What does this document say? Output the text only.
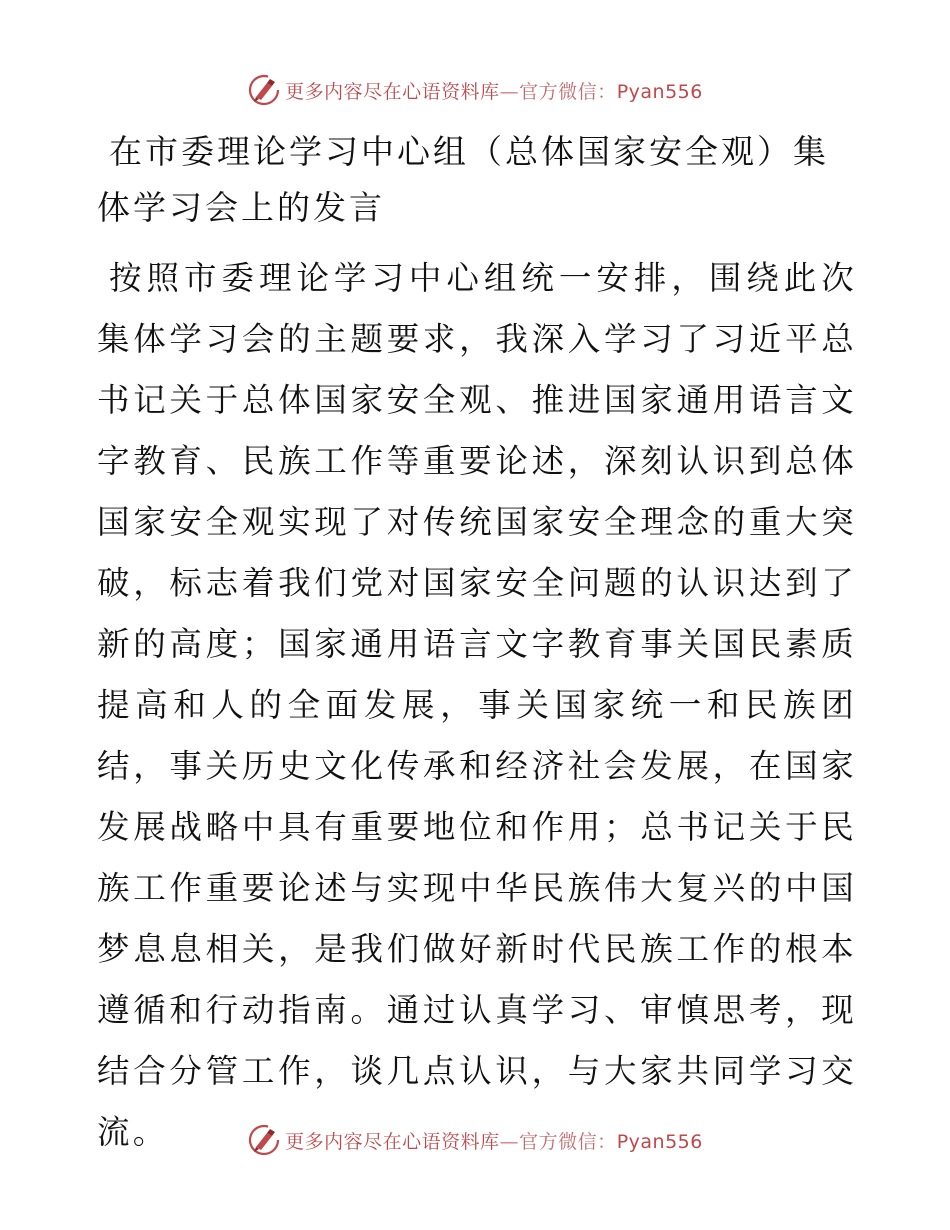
更多内容尽在心语资料库—官方微信：Pyan556
在市委理论学习中心组（总体国家安全观）集体学习会上的发言

按照市委理论学习中心组统一安排，围绕此次集体学习会的主题要求，我深入学习了习近平总书记关于总体国家安全观、推进国家通用语言文字教育、民族工作等重要论述，深刻认识到总体国家安全观实现了对传统国家安全理念的重大突破，标志着我们党对国家安全问题的认识达到了新的高度；国家通用语言文字教育事关国民素质提高和人的全面发展，事关国家统一和民族团结，事关历史文化传承和经济社会发展，在国家发展战略中具有重要地位和作用；总书记关于民族工作重要论述与实现中华民族伟大复兴的中国梦息息相关，是我们做好新时代民族工作的根本遵循和行动指南。通过认真学习、审慎思考，现结合分管工作，谈几点认识，与大家共同学习交流。	更多内容尽在心语资料库—官方微信：Pyan556
